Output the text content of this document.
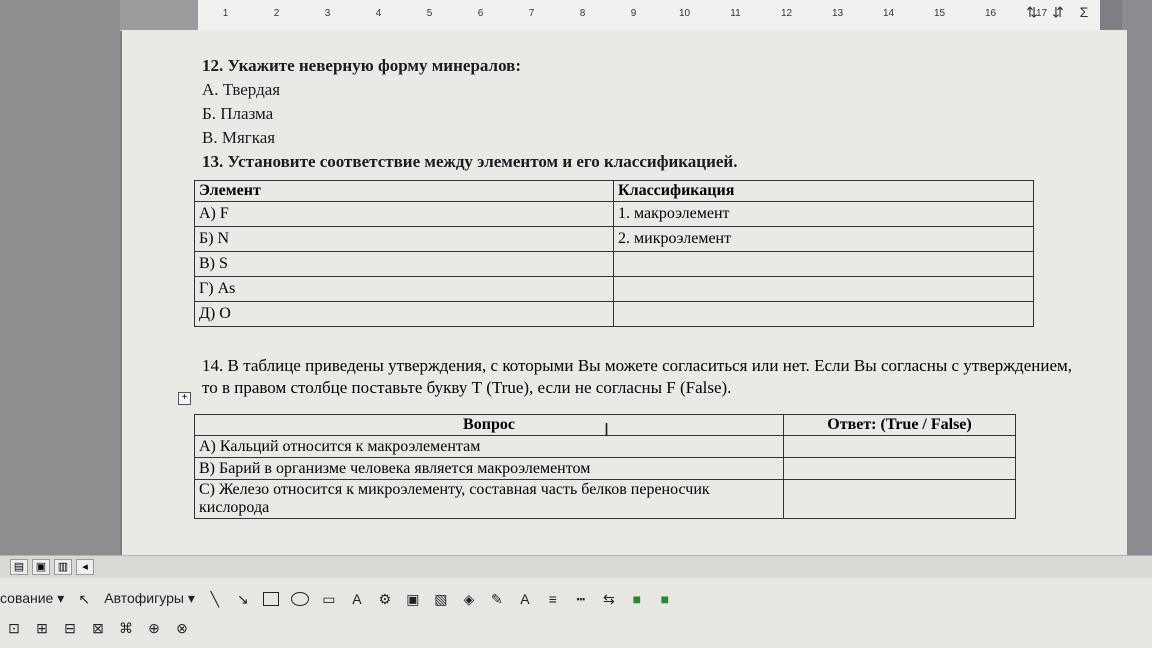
1	2	3	4	5	6	7	8	9	10	11	12	13	14	15	16	17
⇅ ⇵ Σ

12. Укажите неверную форму минералов:

А. Твердая

Б. Плазма

В. Мягкая

13. Установите соответствие между элементом и его классификацией.

Элемент	Классификация
А) F	1. макроэлемент
Б) N	2. микроэлемент
В) S	
Г) As	
Д) O	

14. В таблице приведены утверждения, с которыми Вы можете согласиться или нет. Если Вы согласны с утверждением, то в правом столбце поставьте букву Т (True), если не согласны F (False).

+
Вопрос	Ответ: (True / False)
А) Кальций относится к макроэлементам	
В) Барий в организме человека является макроэлементом	
С) Железо относится к микроэлементу, составная часть белков переносчик кислорода	
I
▤	▣	▥	◂
сование ▾ ↖ Автофигуры ▾ ╲ ↘	▭ A ⚙ ▣ ▧ ◈ ✎ A ≡ ┅ ⇆ ■ ■
⊡ ⊞ ⊟ ⊠ ⌘ ⊕ ⊗
